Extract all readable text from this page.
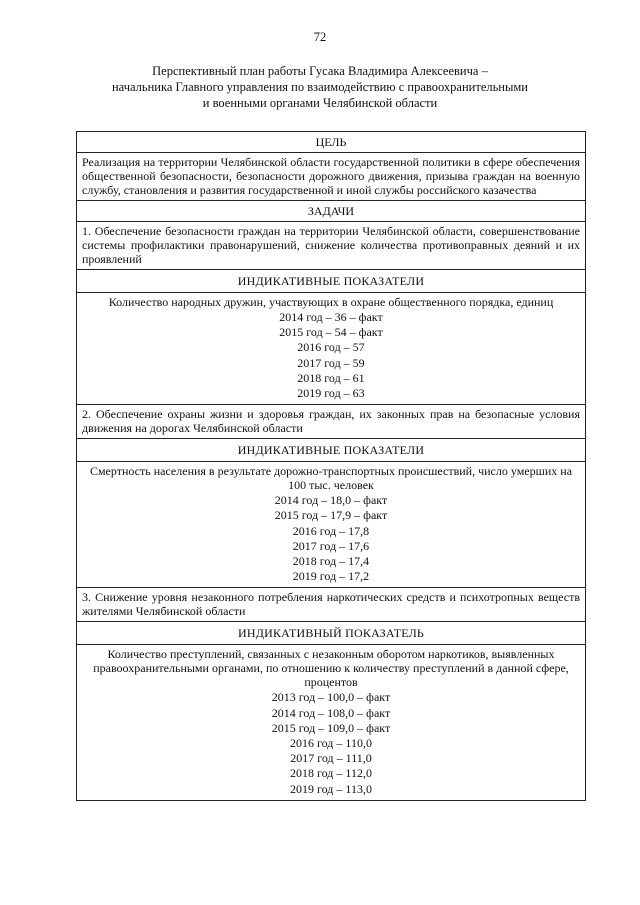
72
Перспективный план работы Гусака Владимира Алексеевича –
начальника Главного управления по взаимодействию с правоохранительными
и военными органами Челябинской области
ЦЕЛЬ
Реализация на территории Челябинской области государственной политики в сфере обеспечения общественной безопасности, безопасности дорожного движения, призыва граждан на военную службу, становления и развития государственной и иной службы российского казачества
ЗАДАЧИ
1. Обеспечение безопасности граждан на территории Челябинской области, совершенствование системы профилактики правонарушений, снижение количества противоправных деяний и их проявлений
ИНДИКАТИВНЫЕ ПОКАЗАТЕЛИ

Количество народных дружин, участвующих в охране общественного порядка, единиц
2014 год – 36 – факт
2015 год – 54 – факт
2016 год – 57
2017 год – 59
2018 год – 61
2019 год – 63

2. Обеспечение охраны жизни и здоровья граждан, их законных прав на безопасные условия движения на дорогах Челябинской области
ИНДИКАТИВНЫЕ ПОКАЗАТЕЛИ

Смертность населения в результате дорожно-транспортных происшествий, число умерших на 100 тыс. человек
2014 год – 18,0 – факт
2015 год – 17,9 – факт
2016 год – 17,8
2017 год – 17,6
2018 год – 17,4
2019 год – 17,2

3. Снижение уровня незаконного потребления наркотических средств и психотропных веществ жителями Челябинской области
ИНДИКАТИВНЫЙ ПОКАЗАТЕЛЬ

Количество преступлений, связанных с незаконным оборотом наркотиков, выявленных правоохранительными органами, по отношению к количеству преступлений в данной сфере, процентов
2013 год – 100,0 – факт
2014 год – 108,0 – факт
2015 год – 109,0 – факт
2016 год – 110,0
2017 год – 111,0
2018 год – 112,0
2019 год – 113,0
